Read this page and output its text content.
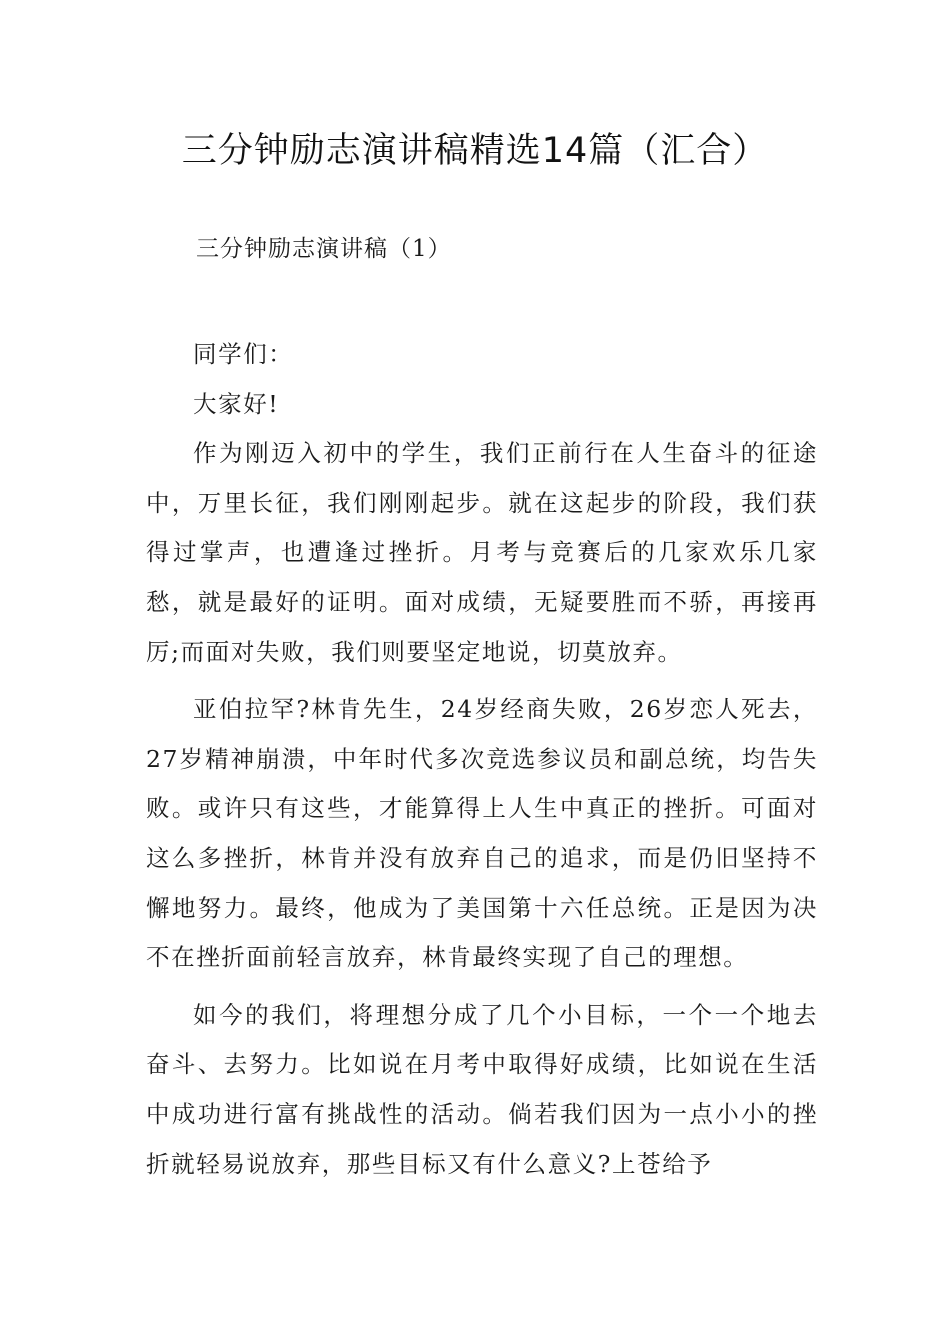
三分钟励志演讲稿精选14篇（汇合）
三分钟励志演讲稿（1）

同学们：

大家好!

作为刚迈入初中的学生，我们正前行在人生奋斗的征途中，万里长征，我们刚刚起步。就在这起步的阶段，我们获得过掌声，也遭逢过挫折。月考与竞赛后的几家欢乐几家愁，就是最好的证明。面对成绩，无疑要胜而不骄，再接再厉;而面对失败，我们则要坚定地说，切莫放弃。

亚伯拉罕?林肯先生，24岁经商失败，26岁恋人死去，27岁精神崩溃，中年时代多次竞选参议员和副总统，均告失败。或许只有这些，才能算得上人生中真正的挫折。可面对这么多挫折，林肯并没有放弃自己的追求，而是仍旧坚持不懈地努力。最终，他成为了美国第十六任总统。正是因为决不在挫折面前轻言放弃，林肯最终实现了自己的理想。

如今的我们，将理想分成了几个小目标，一个一个地去奋斗、去努力。比如说在月考中取得好成绩，比如说在生活中成功进行富有挑战性的活动。倘若我们因为一点小小的挫折就轻易说放弃，那些目标又有什么意义?上苍给予
